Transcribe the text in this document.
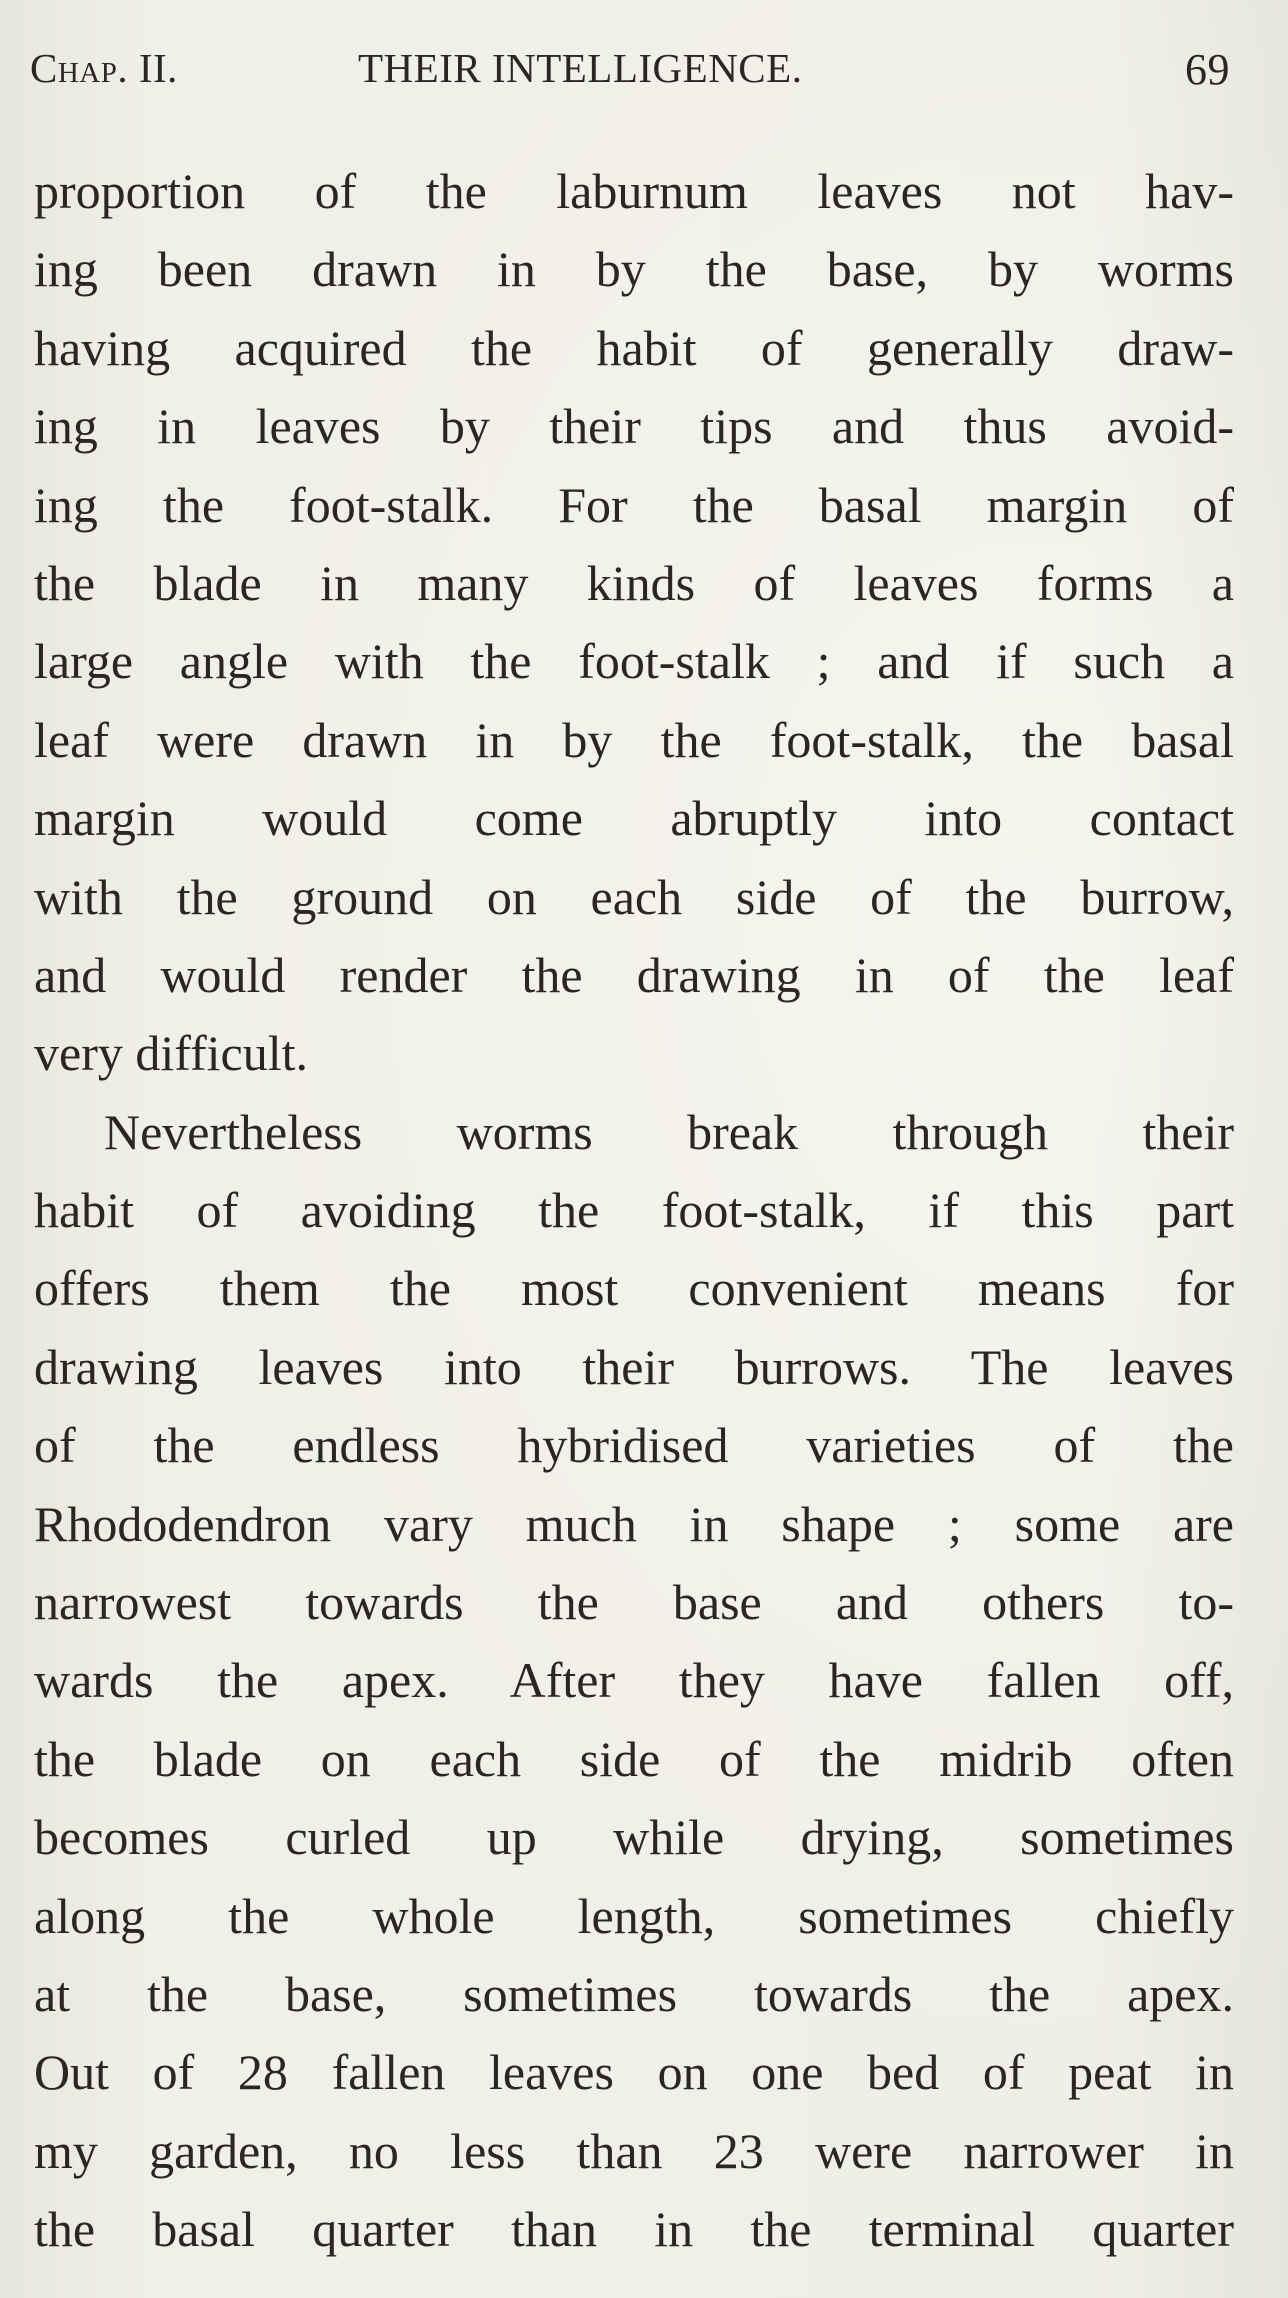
Chap. II.	THEIR INTELLIGENCE.	69
proportion of the laburnum leaves not hav-
ing been drawn in by the base, by worms
having acquired the habit of generally draw-
ing in leaves by their tips and thus avoid-
ing the foot-stalk. For the basal margin of
the blade in many kinds of leaves forms a
large angle with the foot-stalk ; and if such a
leaf were drawn in by the foot-stalk, the basal
margin would come abruptly into contact
with the ground on each side of the burrow,
and would render the drawing in of the leaf
very difficult.
Nevertheless worms break through their
habit of avoiding the foot-stalk, if this part
offers them the most convenient means for
drawing leaves into their burrows. The leaves
of the endless hybridised varieties of the
Rhododendron vary much in shape ; some are
narrowest towards the base and others to-
wards the apex. After they have fallen off,
the blade on each side of the midrib often
becomes curled up while drying, sometimes
along the whole length, sometimes chiefly
at the base, sometimes towards the apex.
Out of 28 fallen leaves on one bed of peat in
my garden, no less than 23 were narrower in
the basal quarter than in the terminal quarter
